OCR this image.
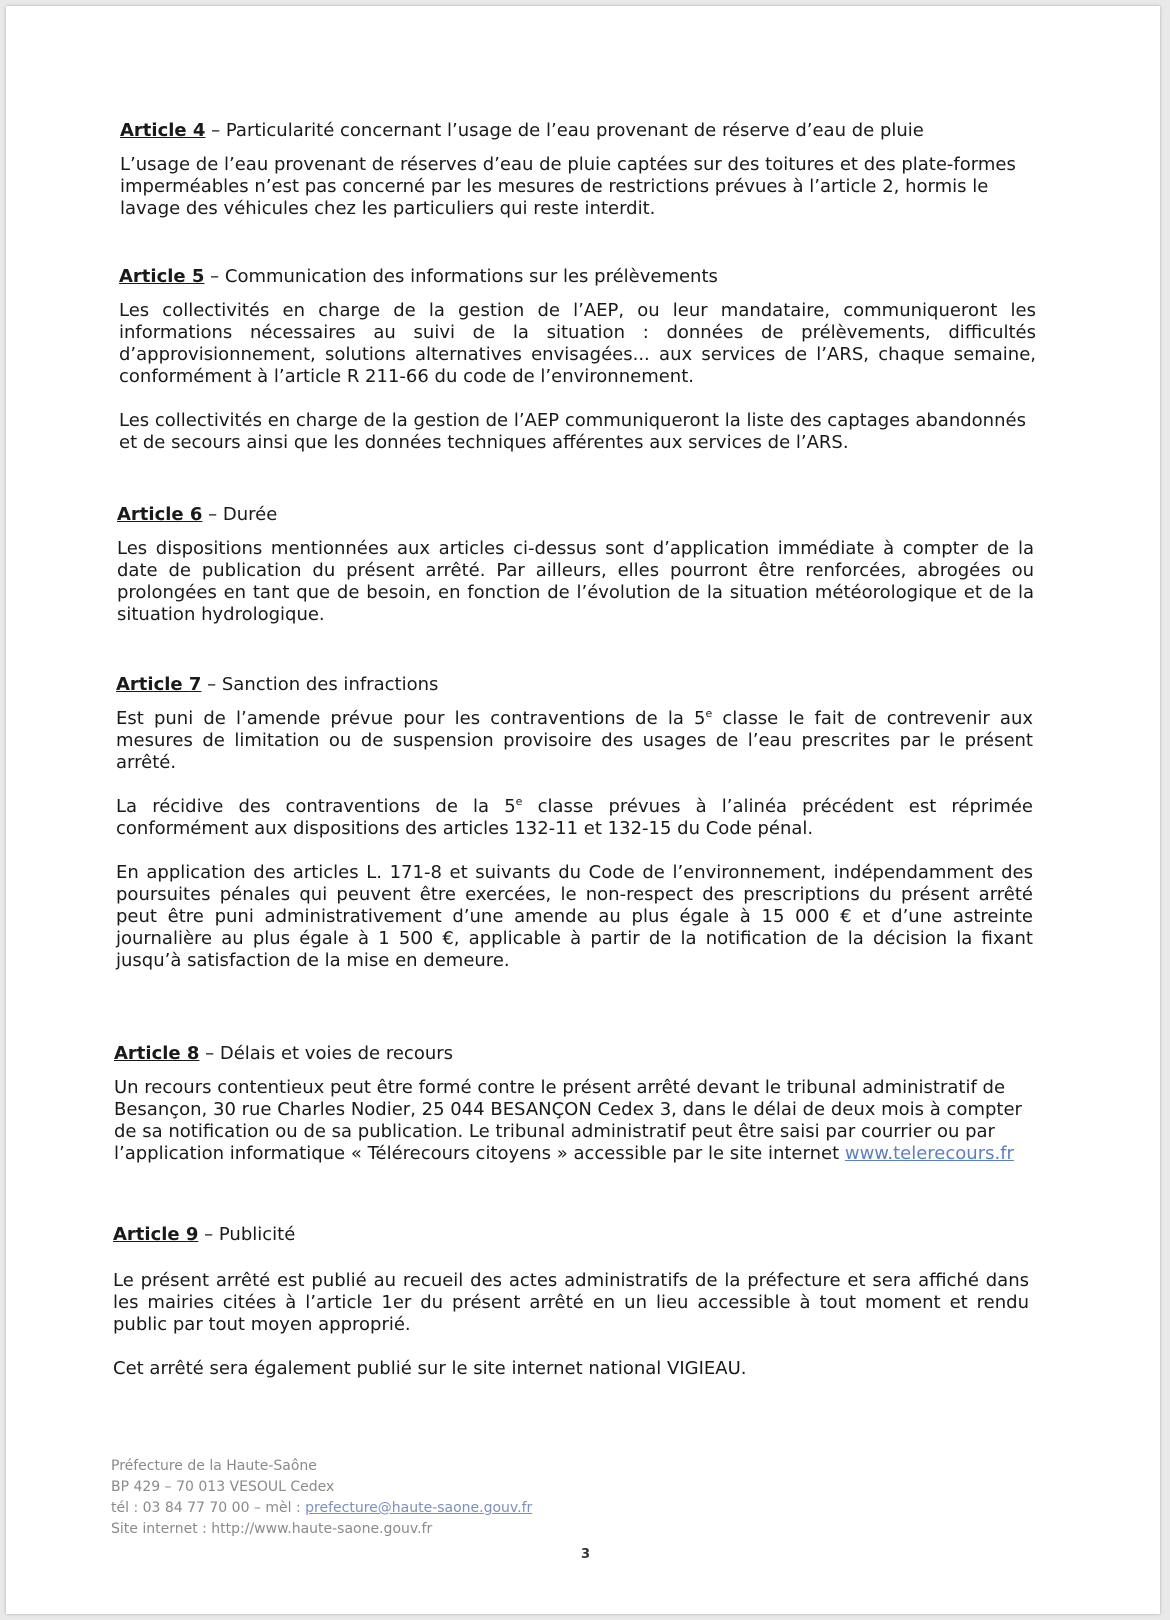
Article 4 – Particularité concernant l’usage de l’eau provenant de réserve d’eau de pluie
L’usage de l’eau provenant de réserves d’eau de pluie captées sur des toitures et des plate-formes imperméables n’est pas concerné par les mesures de restrictions prévues à l’article 2, hormis le lavage des véhicules chez les particuliers qui reste interdit.
Article 5 – Communication des informations sur les prélèvements
Les collectivités en charge de la gestion de l’AEP, ou leur mandataire, communiqueront les informations nécessaires au suivi de la situation : données de prélèvements, difficultés d’approvisionnement, solutions alternatives envisagées... aux services de l’ARS, chaque semaine, conformément à l’article R 211-66 du code de l’environnement.
Les collectivités en charge de la gestion de l’AEP communiqueront la liste des captages abandonnés et de secours ainsi que les données techniques afférentes aux services de l’ARS.
Article 6 – Durée
Les dispositions mentionnées aux articles ci-dessus sont d’application immédiate à compter de la date de publication du présent arrêté. Par ailleurs, elles pourront être renforcées, abrogées ou prolongées en tant que de besoin, en fonction de l’évolution de la situation météorologique et de la situation hydrologique.
Article 7 – Sanction des infractions
Est puni de l’amende prévue pour les contraventions de la 5e classe le fait de contrevenir aux mesures de limitation ou de suspension provisoire des usages de l’eau prescrites par le présent arrêté.
La récidive des contraventions de la 5e classe prévues à l’alinéa précédent est réprimée conformément aux dispositions des articles 132-11 et 132-15 du Code pénal.
En application des articles L. 171-8 et suivants du Code de l’environnement, indépendamment des poursuites pénales qui peuvent être exercées, le non-respect des prescriptions du présent arrêté peut être puni administrativement d’une amende au plus égale à 15 000 € et d’une astreinte journalière au plus égale à 1 500 €, applicable à partir de la notification de la décision la fixant jusqu’à satisfaction de la mise en demeure.
Article 8 – Délais et voies de recours
Un recours contentieux peut être formé contre le présent arrêté devant le tribunal administratif de Besançon, 30 rue Charles Nodier, 25 044 BESANÇON Cedex 3, dans le délai de deux mois à compter de sa notification ou de sa publication. Le tribunal administratif peut être saisi par courrier ou par l’application informatique « Télérecours citoyens » accessible par le site internet www.telerecours.fr
Article 9 – Publicité
Le présent arrêté est publié au recueil des actes administratifs de la préfecture et sera affiché dans les mairies citées à l’article 1er du présent arrêté en un lieu accessible à tout moment et rendu public par tout moyen approprié.
Cet arrêté sera également publié sur le site internet national VIGIEAU.
Préfecture de la Haute-Saône
BP 429 – 70 013 VESOUL Cedex
tél : 03 84 77 70 00 – mèl : prefecture@haute-saone.gouv.fr
Site internet : http://www.haute-saone.gouv.fr
3
